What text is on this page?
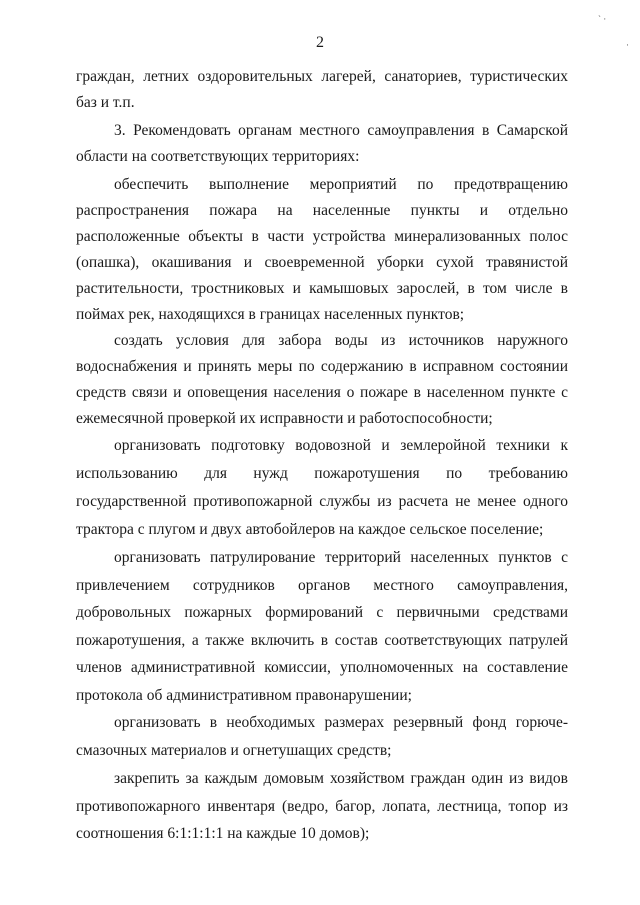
2

граждан, летних оздоровительных лагерей, санаториев, туристических баз и т.п.

3. Рекомендовать органам местного самоуправления в Самарской области на соответствующих территориях:

обеспечить выполнение мероприятий по предотвращению распространения пожара на населенные пункты и отдельно расположенные объекты в части устройства минерализованных полос (опашка), окашивания и своевременной уборки сухой травянистой растительности, тростниковых и камышовых зарослей, в том числе в поймах рек, находящихся в границах населенных пунктов;

создать условия для забора воды из источников наружного водоснабжения и принять меры по содержанию в исправном состоянии средств связи и оповещения населения о пожаре в населенном пункте с ежемесячной проверкой их исправности и работоспособности;

организовать подготовку водовозной и землеройной техники к использованию для нужд пожаротушения по требованию государственной противопожарной службы из расчета не менее одного трактора с плугом и двух автобойлеров на каждое сельское поселение;

организовать патрулирование территорий населенных пунктов с привлечением сотрудников органов местного самоуправления, добровольных пожарных формирований с первичными средствами пожаротушения, а также включить в состав соответствующих патрулей членов административной комиссии, уполномоченных на составление протокола об административном правонарушении;

организовать в необходимых размерах резервный фонд горюче-смазочных материалов и огнетушащих средств;

закрепить за каждым домовым хозяйством граждан один из видов противопожарного инвентаря (ведро, багор, лопата, лестница, топор из соотношения 6:1:1:1:1 на каждые 10 домов);

ˋ ·
·
